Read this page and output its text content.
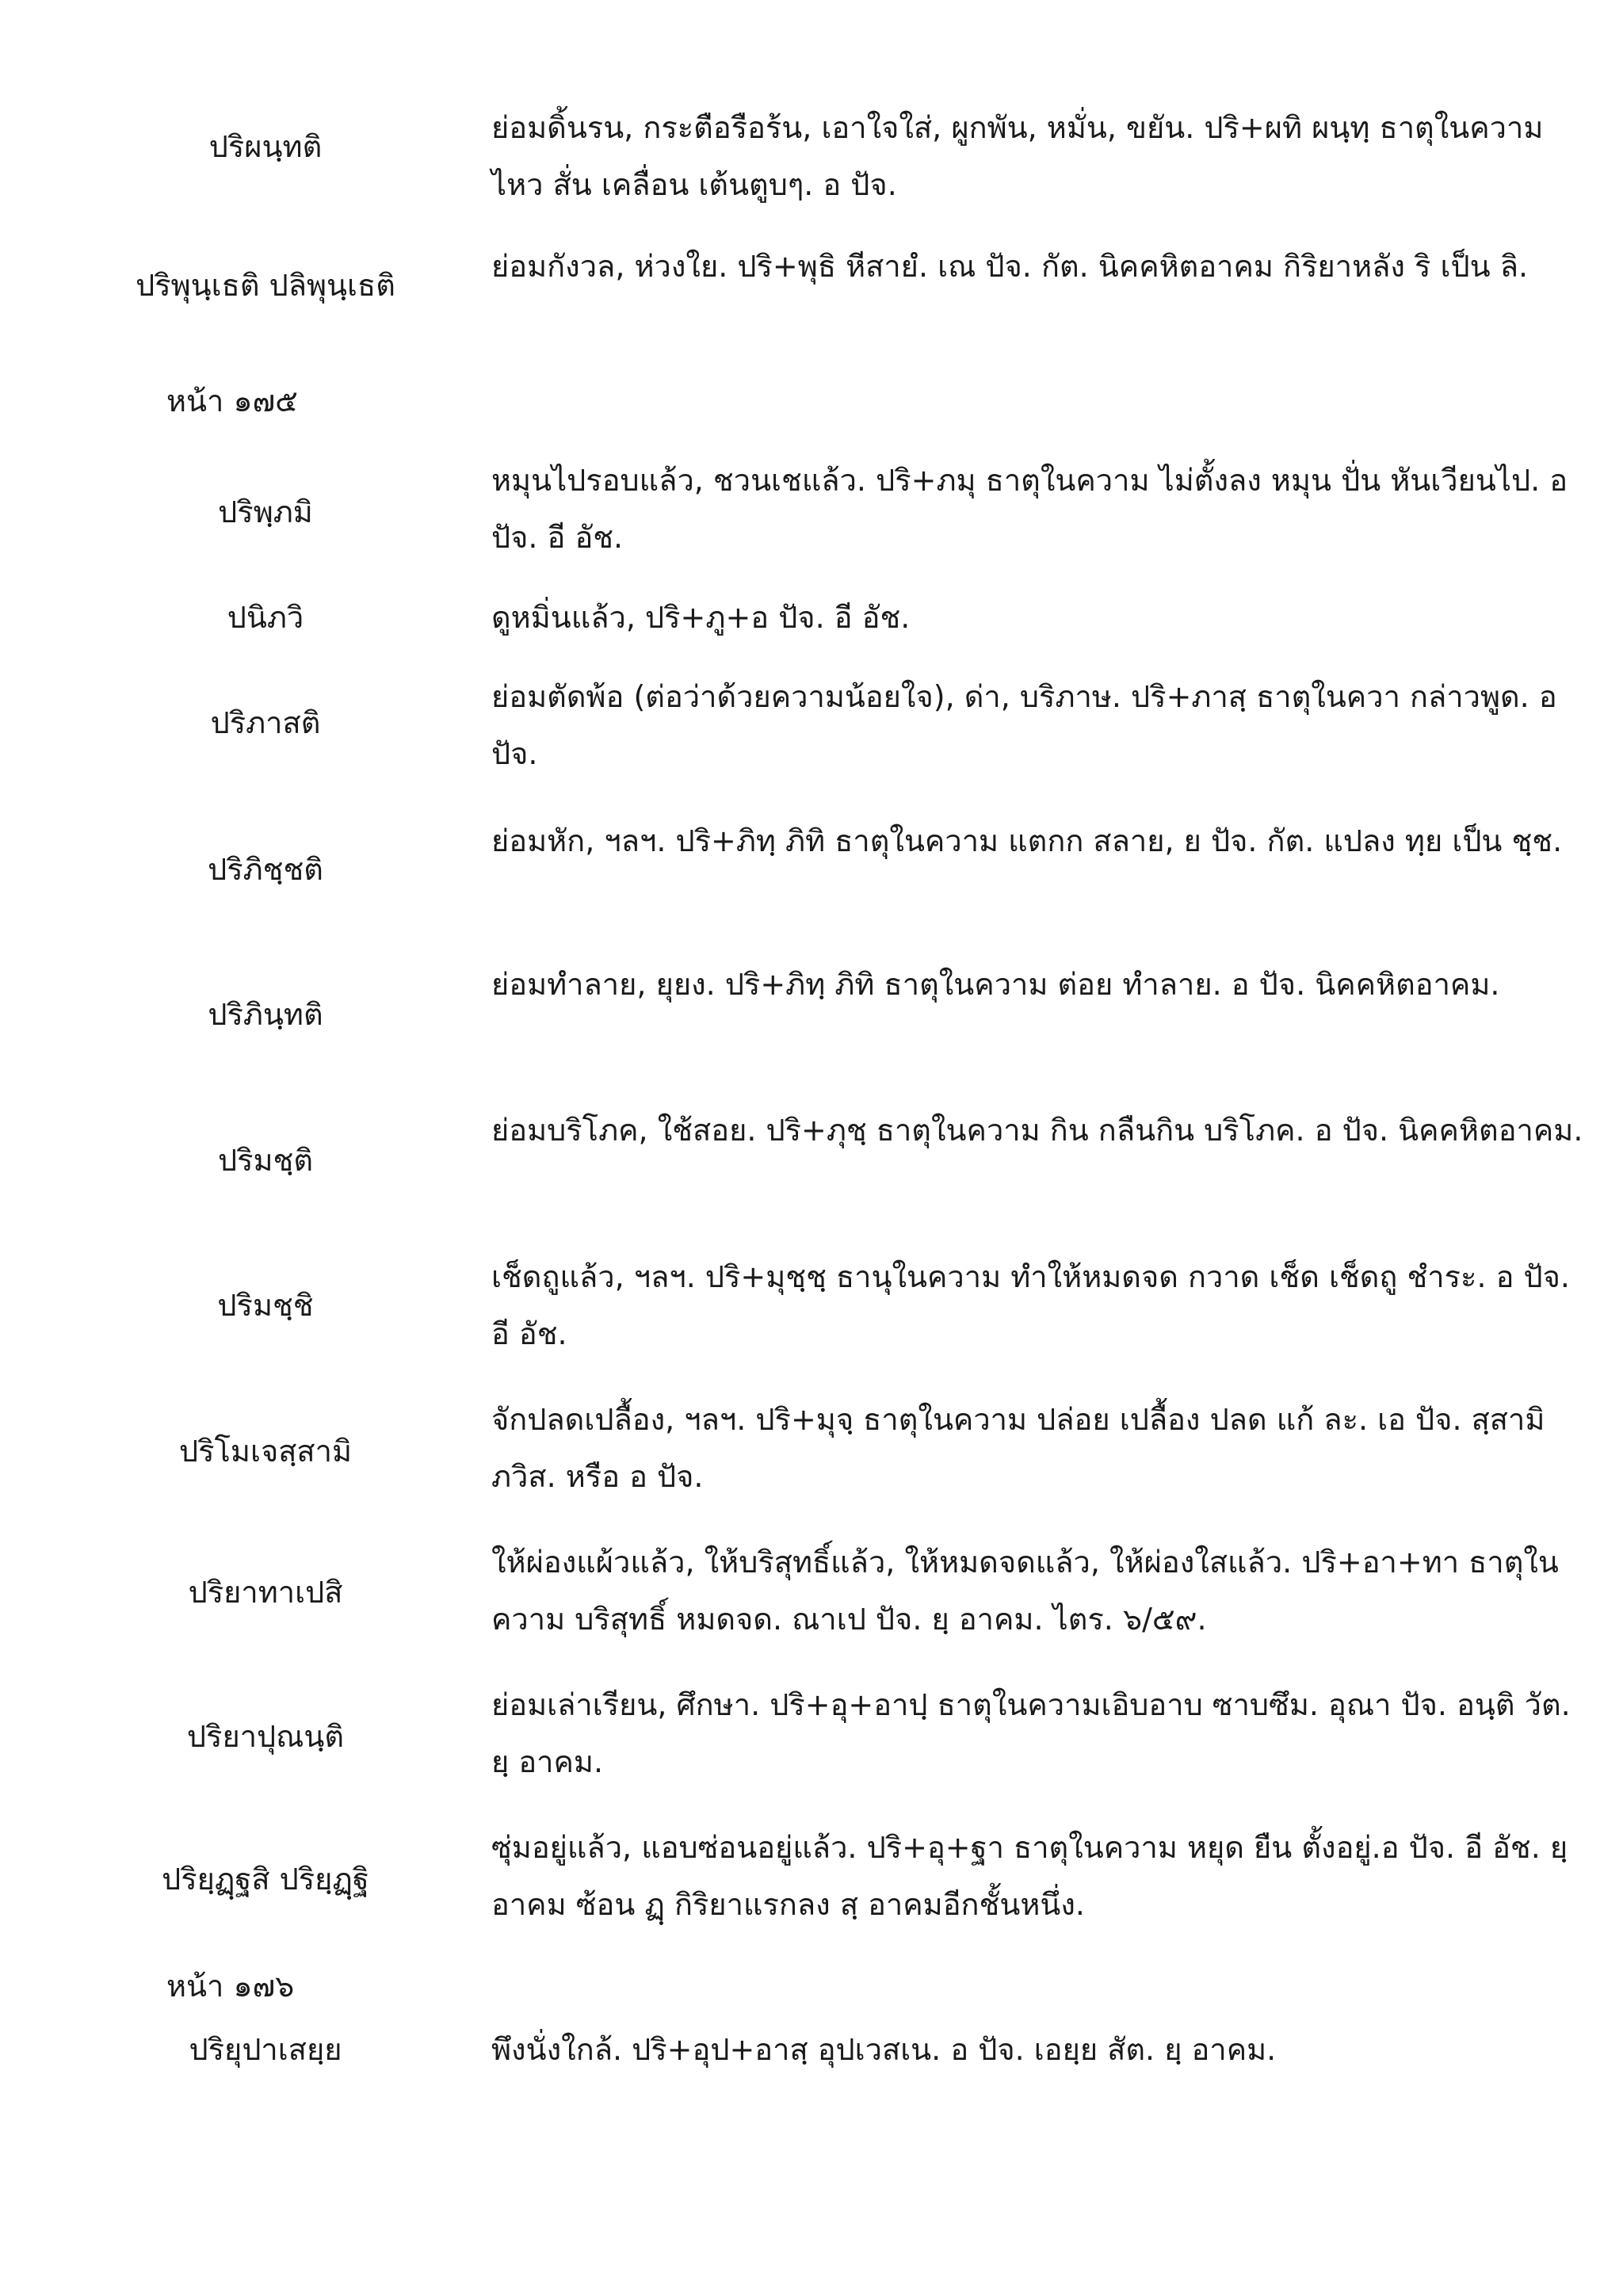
ปริผนฺทติ
ย่อมดิ้นรน, กระตือรือร้น, เอาใจใส่, ผูกพัน, หมั่น, ขยัน. ปริ+ผทิ ผนฺทฺ ธาตุในความ ไหว สั่น เคลื่อน เต้นตูบๆ. อ ปัจ.
ปริพุนฺเธติ ปลิพุนฺเธติ
ย่อมกังวล, ห่วงใย. ปริ+พุธิ หีสายํ. เณ ปัจ. กัต. นิคคหิตอาคม กิริยาหลัง ริ เป็น ลิ.
หน้า ๑๗๕
ปริพฺภมิ
หมุนไปรอบแล้ว, ชวนเชแล้ว. ปริ+ภมุ ธาตุในความ ไม่ตั้งลง หมุน ปั่น หันเวียนไป. อ ปัจ. อี อัช.
ปนิภวิ	ดูหมิ่นแล้ว, ปริ+ภู+อ ปัจ. อี อัช.
ปริภาสติ
ย่อมตัดพ้อ (ต่อว่าด้วยความน้อยใจ), ด่า, บริภาษ. ปริ+ภาสฺ ธาตุในควา กล่าวพูด. อ ปัจ.
ปริภิชฺชติ
ย่อมหัก, ฯลฯ. ปริ+ภิทฺ ภิทิ ธาตุในความ แตกก สลาย, ย ปัจ. กัต. แปลง ทฺย เป็น ชฺช.
ปริภินฺทติ
ย่อมทำลาย, ยุยง. ปริ+ภิทฺ ภิทิ ธาตุในความ ต่อย ทำลาย. อ ปัจ. นิคคหิตอาคม.
ปริมชฺติ
ย่อมบริโภค, ใช้สอย. ปริ+ภุชฺ ธาตุในความ กิน กลืนกิน บริโภค. อ ปัจ. นิคคหิตอาคม.
ปริมชฺชิ
เช็ดถูแล้ว, ฯลฯ. ปริ+มุชฺชฺ ธานุในความ ทำให้หมดจด กวาด เช็ด เช็ดถู ชำระ. อ ปัจ. อี อัช.
ปริโมเจสฺสามิ
จักปลดเปลื้อง, ฯลฯ. ปริ+มุจฺ ธาตุในความ ปล่อย เปลื้อง ปลด แก้ ละ. เอ ปัจ. สฺสามิ ภวิส. หรือ อ ปัจ.
ปริยาทาเปสิ
ให้ผ่องแผ้วแล้ว, ให้บริสุทธิ์แล้ว, ให้หมดจดแล้ว, ให้ผ่องใสแล้ว. ปริ+อา+ทา ธาตุในความ บริสุทธิ์ หมดจด. ณาเป ปัจ. ยฺ อาคม. ไตร. ๖/๕๙.
ปริยาปุณนฺติ
ย่อมเล่าเรียน, ศึกษา. ปริ+อุ+อาปฺ ธาตุในความเอิบอาบ ซาบซึม. อุณา ปัจ. อนฺติ วัต. ยฺ อาคม.
ปริยฺฏฺฐสิ ปริยฺฏฺฐิ
ซุ่มอยู่แล้ว, แอบซ่อนอยู่แล้ว. ปริ+อุ+ฐา ธาตุในความ หยุด ยืน ตั้งอยู่.อ ปัจ. อี อัช. ยฺ อาคม ซ้อน ฏฺ กิริยาแรกลง สฺ อาคมอีกชั้นหนึ่ง.
หน้า ๑๗๖
ปริยุปาเสยฺย	พึงนั่งใกล้. ปริ+อุป+อาสฺ อุปเวสเน. อ ปัจ. เอยฺย สัต. ยฺ อาคม.
